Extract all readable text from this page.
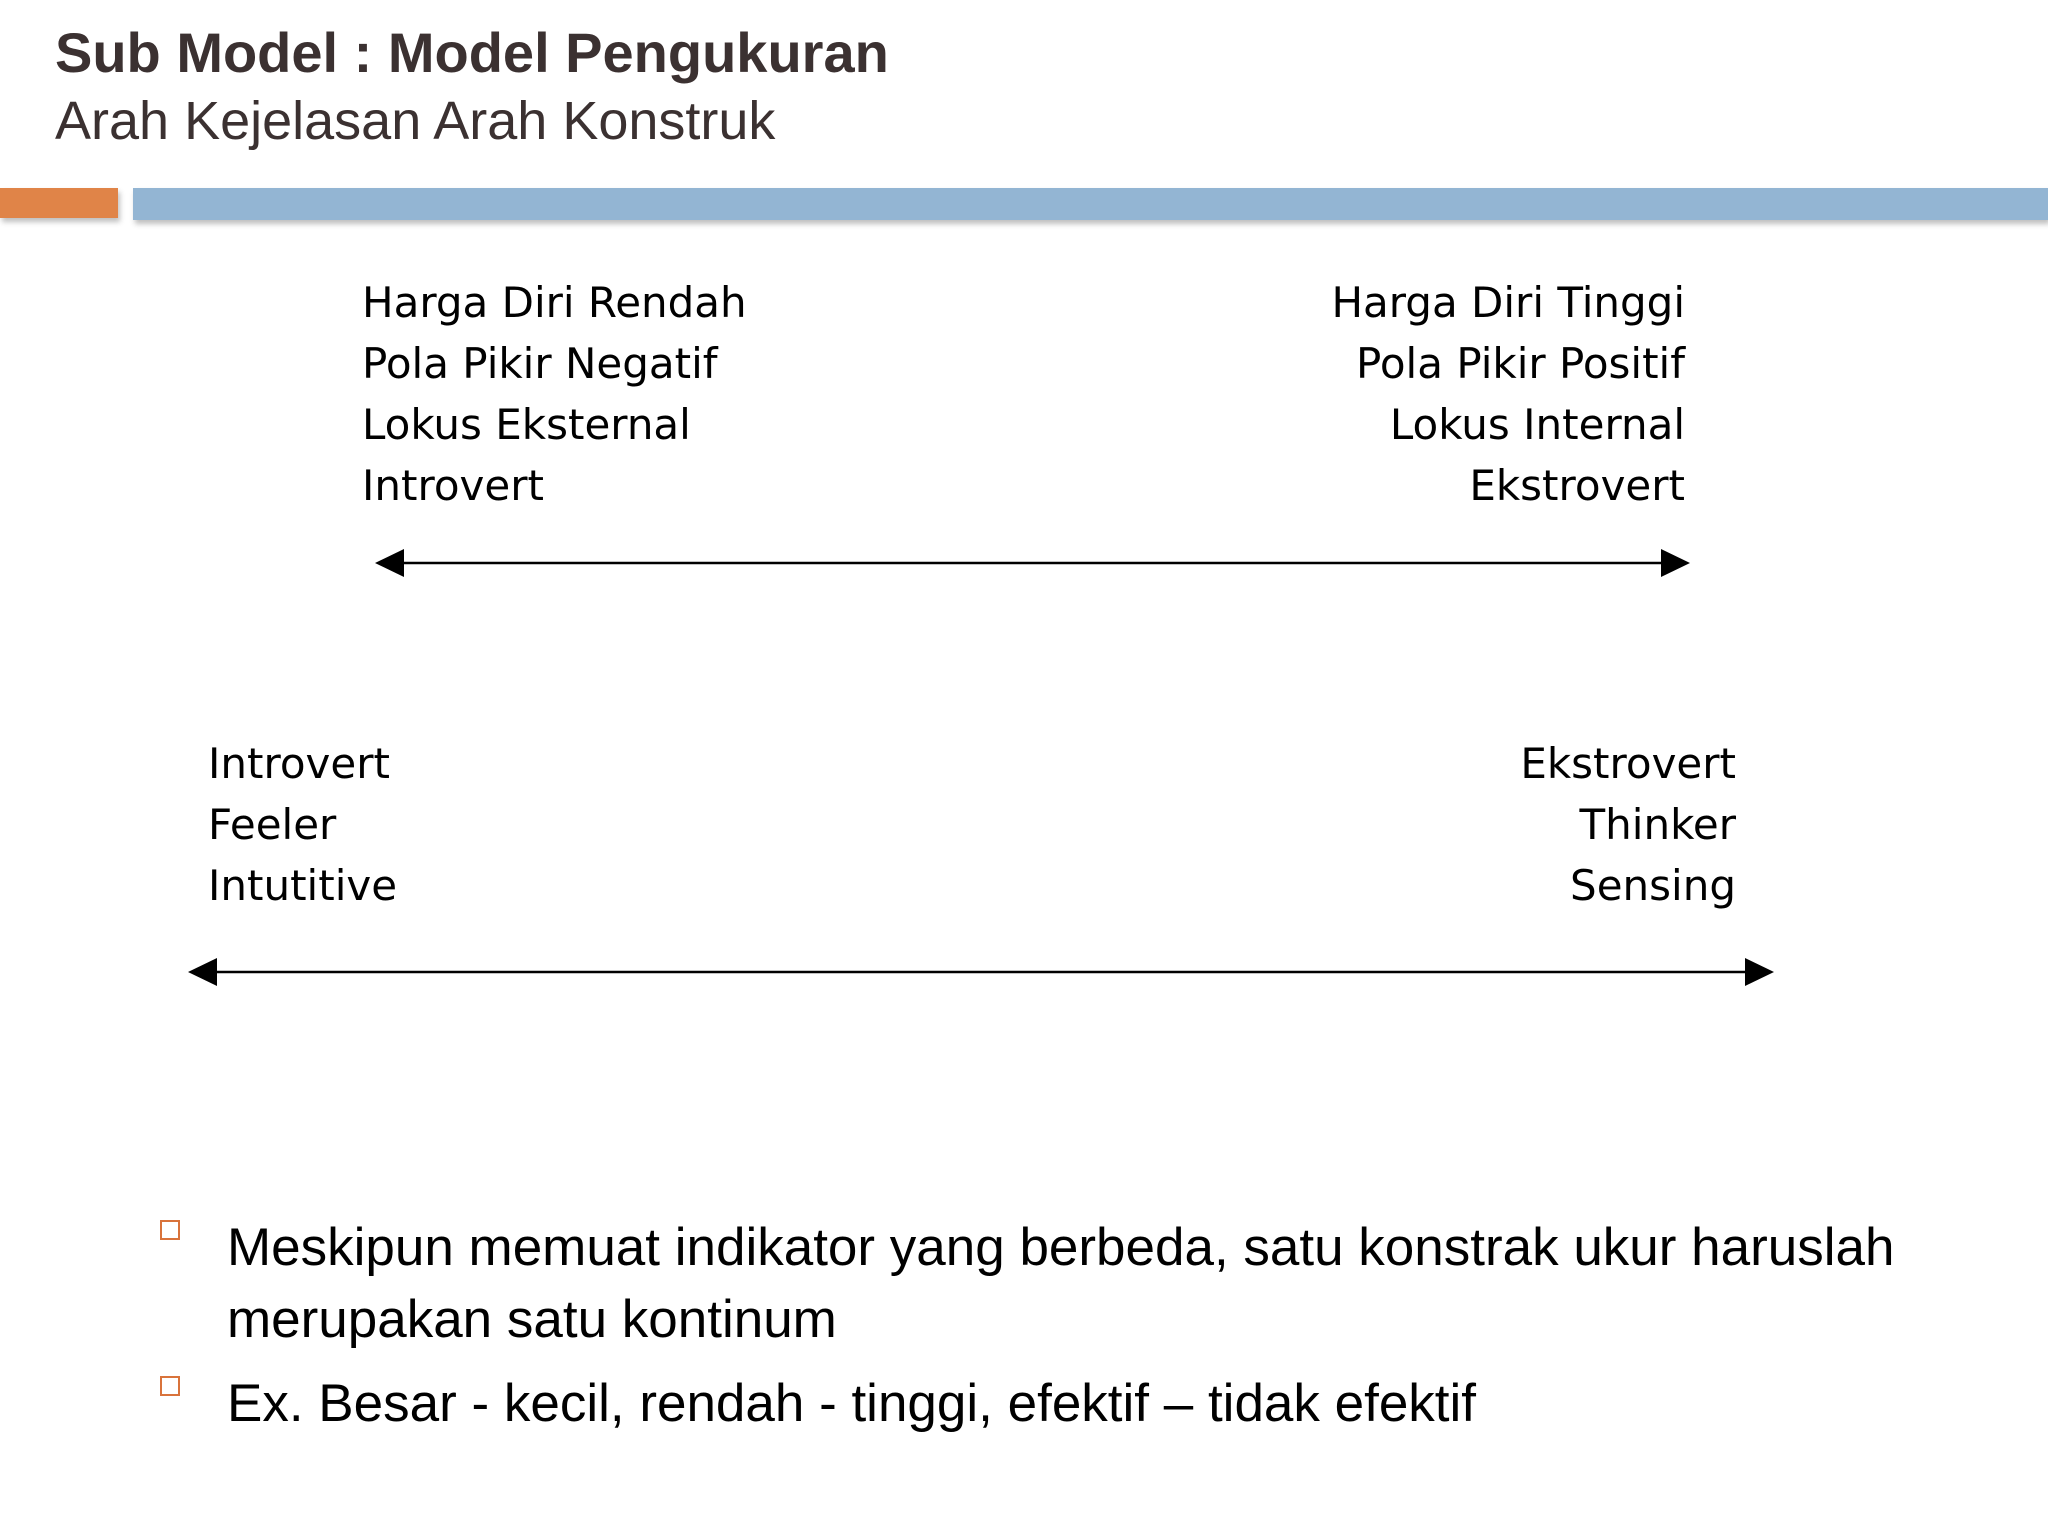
Sub Model : Model Pengukuran
Arah Kejelasan Arah Konstruk
Harga Diri Rendah
Pola Pikir Negatif
Lokus Eksternal
Introvert
Harga Diri Tinggi
Pola Pikir Positif
Lokus Internal
Ekstrovert
Introvert
Feeler
Intutitive
Ekstrovert
Thinker
Sensing
Meskipun memuat indikator yang berbeda, satu konstrak ukur haruslah merupakan satu kontinum
Ex. Besar - kecil, rendah - tinggi, efektif – tidak efektif
